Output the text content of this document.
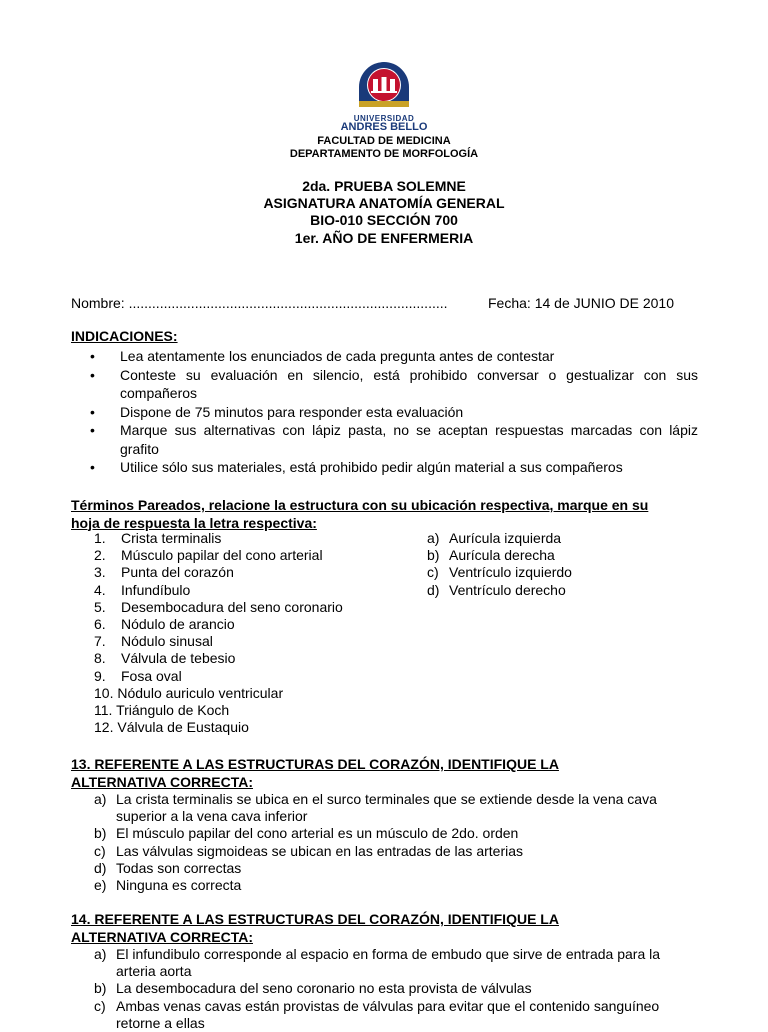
UNIVERSIDAD
ANDRES BELLO
FACULTAD DE MEDICINA
DEPARTAMENTO DE MORFOLOGÍA
2da. PRUEBA SOLEMNE
ASIGNATURA ANATOMÍA GENERAL
BIO-010 SECCIÓN 700
1er. AÑO DE ENFERMERIA
Nombre: ..................................................................................	Fecha: 14 de JUNIO DE 2010
INDICACIONES:
• Lea atentamente los enunciados de cada pregunta antes de contestar
• Conteste su evaluación en silencio, está prohibido conversar o gestualizar con sus compañeros
• Dispone de 75 minutos para responder esta evaluación
• Marque sus alternativas con lápiz pasta, no se aceptan respuestas marcadas con lápiz grafito
• Utilice sólo sus materiales, está prohibido pedir algún material a sus compañeros
Términos Pareados, relacione la estructura con su ubicación respectiva, marque en su
hoja de respuesta la letra respectiva:
1. Crista terminalis
2. Músculo papilar del cono arterial
3. Punta del corazón
4. Infundíbulo
5. Desembocadura del seno coronario
6. Nódulo de arancio
7. Nódulo sinusal
8. Válvula de tebesio
9. Fosa oval
10. Nódulo auriculo ventricular
11. Triángulo de Koch
12. Válvula de Eustaquio
a) Aurícula izquierda
b) Aurícula derecha
c) Ventrículo izquierdo
d) Ventrículo derecho
13. REFERENTE A LAS ESTRUCTURAS DEL CORAZÓN, IDENTIFIQUE LA
ALTERNATIVA CORRECTA:
a) La crista terminalis se ubica en el surco terminales que se extiende desde la vena cava superior a la vena cava inferior
b) El músculo papilar del cono arterial es un músculo de 2do. orden
c) Las válvulas sigmoideas se ubican en las entradas de las arterias
d) Todas son correctas
e) Ninguna es correcta
14. REFERENTE A LAS ESTRUCTURAS DEL CORAZÓN, IDENTIFIQUE LA
ALTERNATIVA CORRECTA:
a) El infundibulo corresponde al espacio en forma de embudo que sirve de entrada para la arteria aorta
b) La desembocadura del seno coronario no esta provista de válvulas
c) Ambas venas cavas están provistas de válvulas para evitar que el contenido sanguíneo retorne a ellas
